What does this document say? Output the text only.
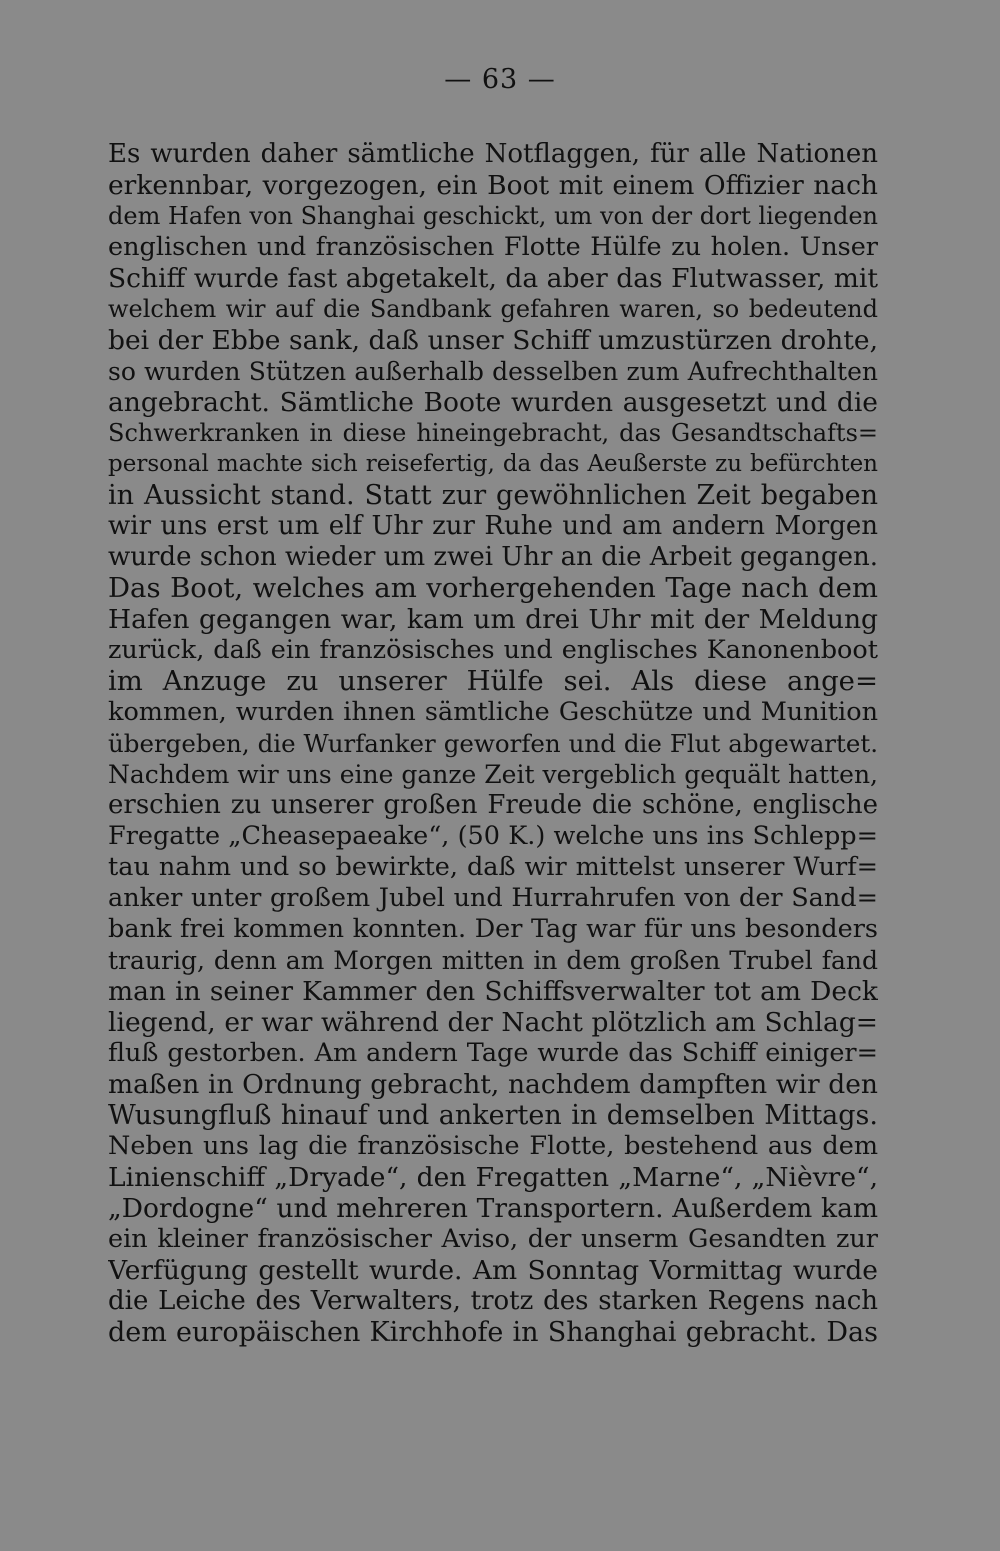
— 63 —
Es wurden daher sämtliche Notflaggen, für alle Nationen
erkennbar, vorgezogen, ein Boot mit einem Offizier nach
dem Hafen von Shanghai geschickt, um von der dort liegenden
englischen und französischen Flotte Hülfe zu holen. Unser
Schiff wurde fast abgetakelt, da aber das Flutwasser, mit
welchem wir auf die Sandbank gefahren waren, so bedeutend
bei der Ebbe sank, daß unser Schiff umzustürzen drohte,
so wurden Stützen außerhalb desselben zum Aufrechthalten
angebracht. Sämtliche Boote wurden ausgesetzt und die
Schwerkranken in diese hineingebracht, das Gesandtschafts=
personal machte sich reisefertig, da das Aeußerste zu befürchten
in Aussicht stand. Statt zur gewöhnlichen Zeit begaben
wir uns erst um elf Uhr zur Ruhe und am andern Morgen
wurde schon wieder um zwei Uhr an die Arbeit gegangen.
Das Boot, welches am vorhergehenden Tage nach dem
Hafen gegangen war, kam um drei Uhr mit der Meldung
zurück, daß ein französisches und englisches Kanonenboot
im Anzuge zu unserer Hülfe sei. Als diese ange=
kommen, wurden ihnen sämtliche Geschütze und Munition
übergeben, die Wurfanker geworfen und die Flut abgewartet.
Nachdem wir uns eine ganze Zeit vergeblich gequält hatten,
erschien zu unserer großen Freude die schöne, englische
Fregatte „Cheasepaeake“, (50 K.) welche uns ins Schlepp=
tau nahm und so bewirkte, daß wir mittelst unserer Wurf=
anker unter großem Jubel und Hurrahrufen von der Sand=
bank frei kommen konnten. Der Tag war für uns besonders
traurig, denn am Morgen mitten in dem großen Trubel fand
man in seiner Kammer den Schiffsverwalter tot am Deck
liegend, er war während der Nacht plötzlich am Schlag=
fluß gestorben. Am andern Tage wurde das Schiff einiger=
maßen in Ordnung gebracht, nachdem dampften wir den
Wusungfluß hinauf und ankerten in demselben Mittags.
Neben uns lag die französische Flotte, bestehend aus dem
Linienschiff „Dryade“, den Fregatten „Marne“, „Nièvre“,
„Dordogne“ und mehreren Transportern. Außerdem kam
ein kleiner französischer Aviso, der unserm Gesandten zur
Verfügung gestellt wurde. Am Sonntag Vormittag wurde
die Leiche des Verwalters, trotz des starken Regens nach
dem europäischen Kirchhofe in Shanghai gebracht. Das
